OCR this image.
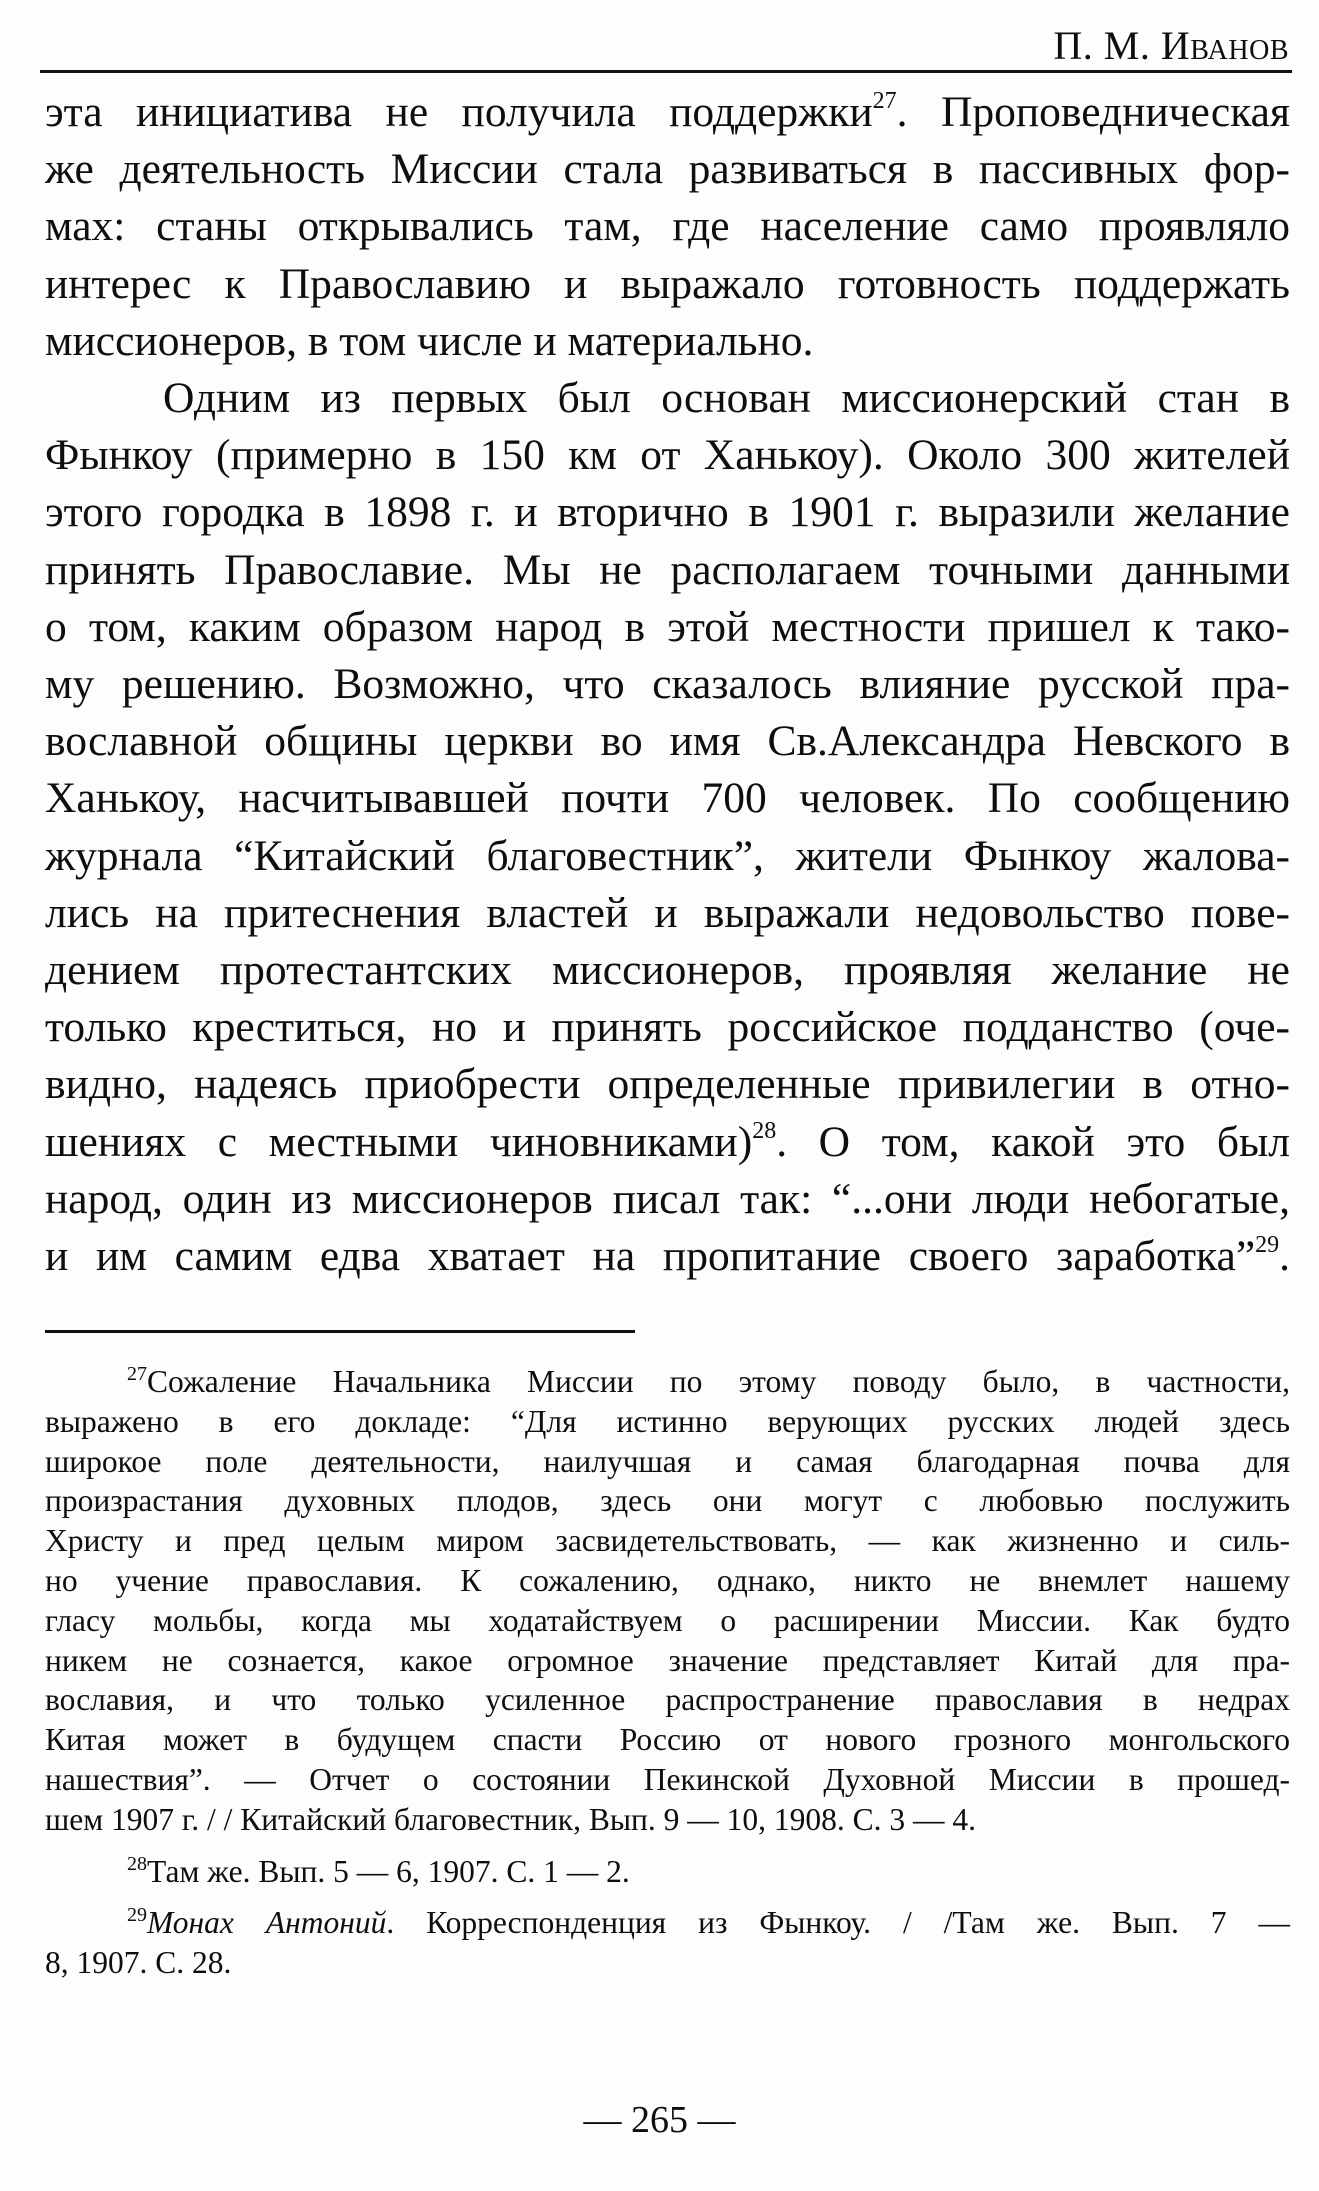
П. М. Иванов
эта инициатива не получила поддержки$^{27}$. Проповедническая
же деятельность Миссии стала развиваться в пассивных фор-
мах: станы открывались там, где население само проявляло
интерес к Православию и выражало готовность поддержать
миссионеров, в том числе и материально.
Одним из первых был основан миссионерский стан в
Фынкоу (примерно в 150 км от Ханькоу). Около 300 жителей
этого городка в 1898 г. и вторично в 1901 г. выразили желание
принять Православие. Мы не располагаем точными данными
о том, каким образом народ в этой местности пришел к тако-
му решению. Возможно, что сказалось влияние русской пра-
вославной общины церкви во имя Св.Александра Невского в
Ханькоу, насчитывавшей почти 700 человек. По сообщению
журнала “Китайский благовестник”, жители Фынкоу жалова-
лись на притеснения властей и выражали недовольство пове-
дением протестантских миссионеров, проявляя желание не
только креститься, но и принять российское подданство (оче-
видно, надеясь приобрести определенные привилегии в отно-
шениях с местными чиновниками)$^{28}$. О том, какой это был
народ, один из миссионеров писал так: “...они люди небогатые,
и им самим едва хватает на пропитание своего заработка”$^{29}$.
$^{27}$Сожаление Начальника Миссии по этому поводу было, в частности,
выражено в его докладе: “Для истинно верующих русских людей здесь
широкое поле деятельности, наилучшая и самая благодарная почва для
произрастания духовных плодов, здесь они могут с любовью послужить
Христу и пред целым миром засвидетельствовать, — как жизненно и силь-
но учение православия. К сожалению, однако, никто не внемлет нашему
гласу мольбы, когда мы ходатайствуем о расширении Миссии. Как будто
никем не сознается, какое огромное значение представляет Китай для пра-
вославия, и что только усиленное распространение православия в недрах
Китая может в будущем спасти Россию от нового грозного монгольского
нашествия”. — Отчет о состоянии Пекинской Духовной Миссии в прошед-
шем 1907 г. / / Китайский благовестник, Вып. 9 — 10, 1908. С. 3 — 4.
$^{28}$Там же. Вып. 5 — 6, 1907. С. 1 — 2.
$^{29}$Монах Антоний. Корреспонденция из Фынкоу. / /Там же. Вып. 7 —
8, 1907. С. 28.
— 265 —
